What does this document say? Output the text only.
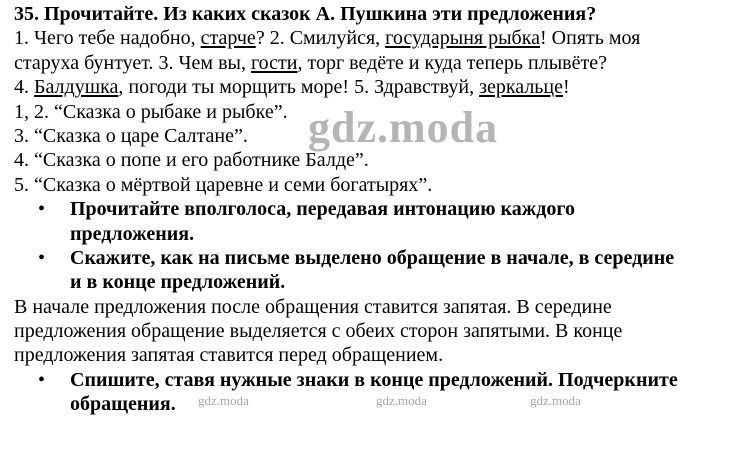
35. Прочитайте. Из каких сказок А. Пушкина эти предложения?
1. Чего тебе надобно, старче? 2. Смилуйся, государыня рыбка! Опять моя
старуха бунтует. 3. Чем вы, гости, торг ведёте и куда теперь плывёте?
4. Балдушка, погоди ты морщить море! 5. Здравствуй, зеркальце!
1, 2. “Сказка о рыбаке и рыбке”.
3. “Сказка о царе Салтане”.
4. “Сказка о попе и его работнике Балде”.
5. “Сказка о мёртвой царевне и семи богатырях”.
• Прочитайте вполголоса, передавая интонацию каждого
предложения.
• Скажите, как на письме выделено обращение в начале, в середине
и в конце предложений.
В начале предложения после обращения ставится запятая. В середине
предложения обращение выделяется с обеих сторон запятыми. В конце
предложения запятая ставится перед обращением.
• Спишите, ставя нужные знаки в конце предложений. Подчеркните
обращения.
gdz.moda
gdz.moda	gdz.moda	gdz.moda
